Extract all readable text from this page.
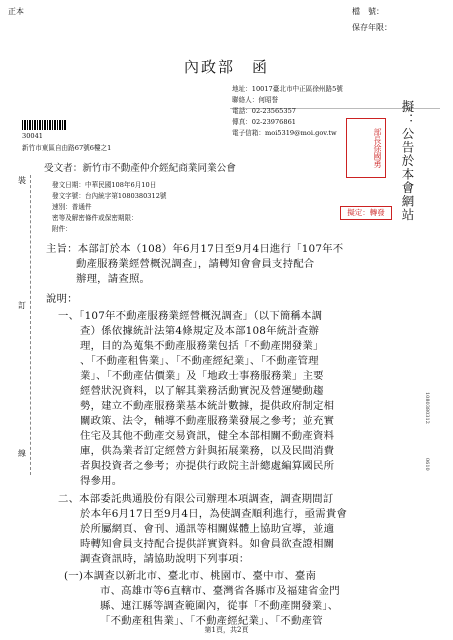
正本	檔　號：
保存年限：
內政部　函
地址：10017臺北市中正區徐州路5號
聯絡人：何昭誉
電話：02-23565357
傳真：02-23976861
電子信箱：moi5319@moi.gov.tw
30041
新竹市東區自由路67號6樓之1
受文者：新竹市不動產仲介經紀商業同業公會
發文日期：中華民國108年6月10日
發文字號：台內統字第1080380312號
速別：普通件
密等及解密條件或保密期限：
附件：
主旨：本部訂於本（108）年6月17日至9月4日進行「107年不
動產服務業經營概況調查」，請轉知會會員支持配合
辦理，請查照。
說明：
一、「107年不動產服務業經營概況調查」（以下簡稱本調
查）係依據統計法第4條規定及本部108年統計查辦
理，目的為蒐集不動產服務業包括「不動產開發業」
、「不動產租售業」、「不動產經紀業」、「不動產管理
業」、「不動產估價業」及「地政士事務服務業」主要
經營狀況資料，以了解其業務活動實況及營運變動趨
勢，建立不動產服務業基本統計數據，提供政府制定相
關政策、法令，輔導不動產服務業發展之參考；並充實
住宅及其他不動產交易資訊，健全本部相關不動產資料
庫，供為業者訂定經營方針與拓展業務，以及民間消費
者與投資者之參考；亦提供行政院主計總處編算國民所
得參用。
二、本部委託典通股份有限公司辦理本項調查，調查期間訂
於本年6月17日至9月4日，為使調查順利進行，亟需貴會
於所屬網頁、會刊、通訊等相關媒體上協助宣導，並適
時轉知會員支持配合提供詳實資料。如會員欲查證相關
調查資訊時，請協助說明下列事項：
(一)本調查以新北市、臺北市、桃園市、臺中市、臺南
市、高雄市等6直轄市、臺灣省各縣市及福建省金門
縣、連江縣等調查範圍內，從事「不動產開發業」、
「不動產租售業」、「不動產經紀業」、「不動產管
部長徐國勇
擬定：轉發	擬：公告於本會網站
裝
訂
線
1080380312
0610
第1頁，共2頁
